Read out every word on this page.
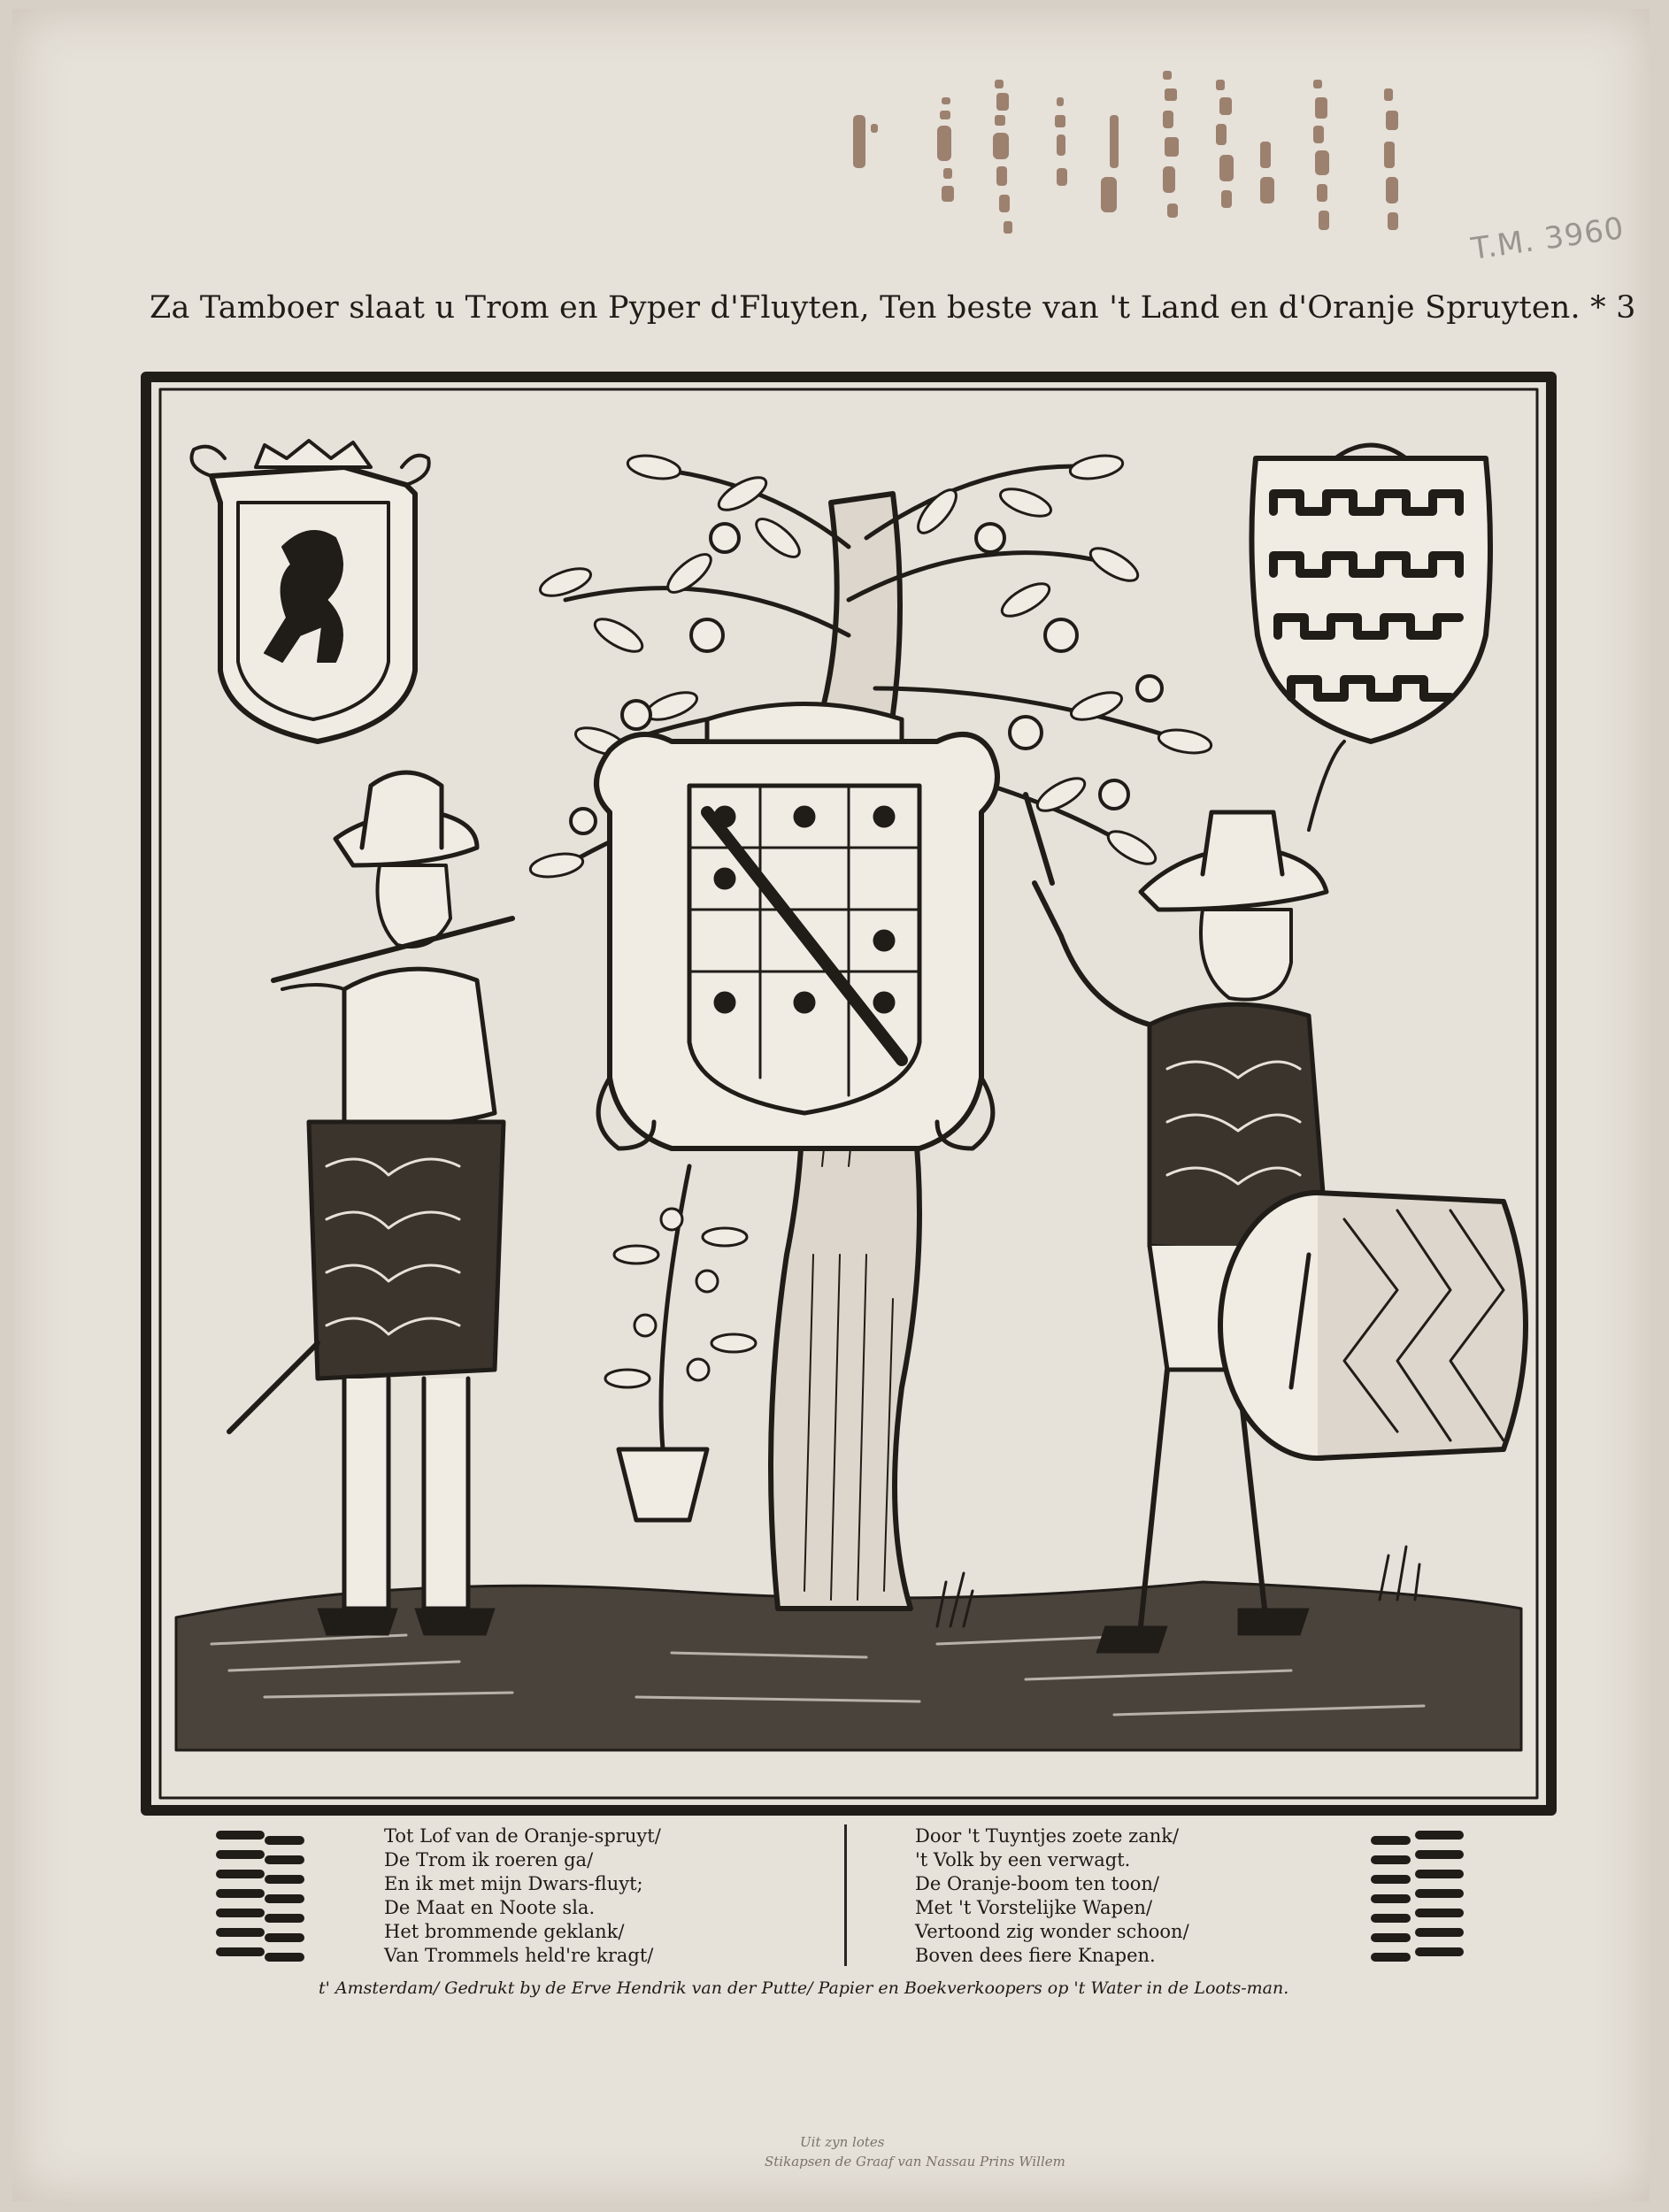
T.M. 3960
Za Tamboer slaat u Trom en Pyper d'Fluyten, Ten beste van 't Land en d'Oranje Spruyten. * 3
Tot Lof van de Oranje-spruyt/
De Trom ik roeren ga/
En ik met mijn Dwars-fluyt;
De Maat en Noote sla.
Het brommende geklank/
Van Trommels held're kragt/
Door 't Tuyntjes zoete zank/
't Volk by een verwagt.
De Oranje-boom ten toon/
Met 't Vorstelijke Wapen/
Vertoond zig wonder schoon/
Boven dees fiere Knapen.
t' Amsterdam/ Gedrukt by de Erve Hendrik van der Putte/ Papier en Boekverkoopers op 't Water in de Loots-man.
Uit zyn lotes
Stikapsen de Graaf van Nassau Prins Willem
